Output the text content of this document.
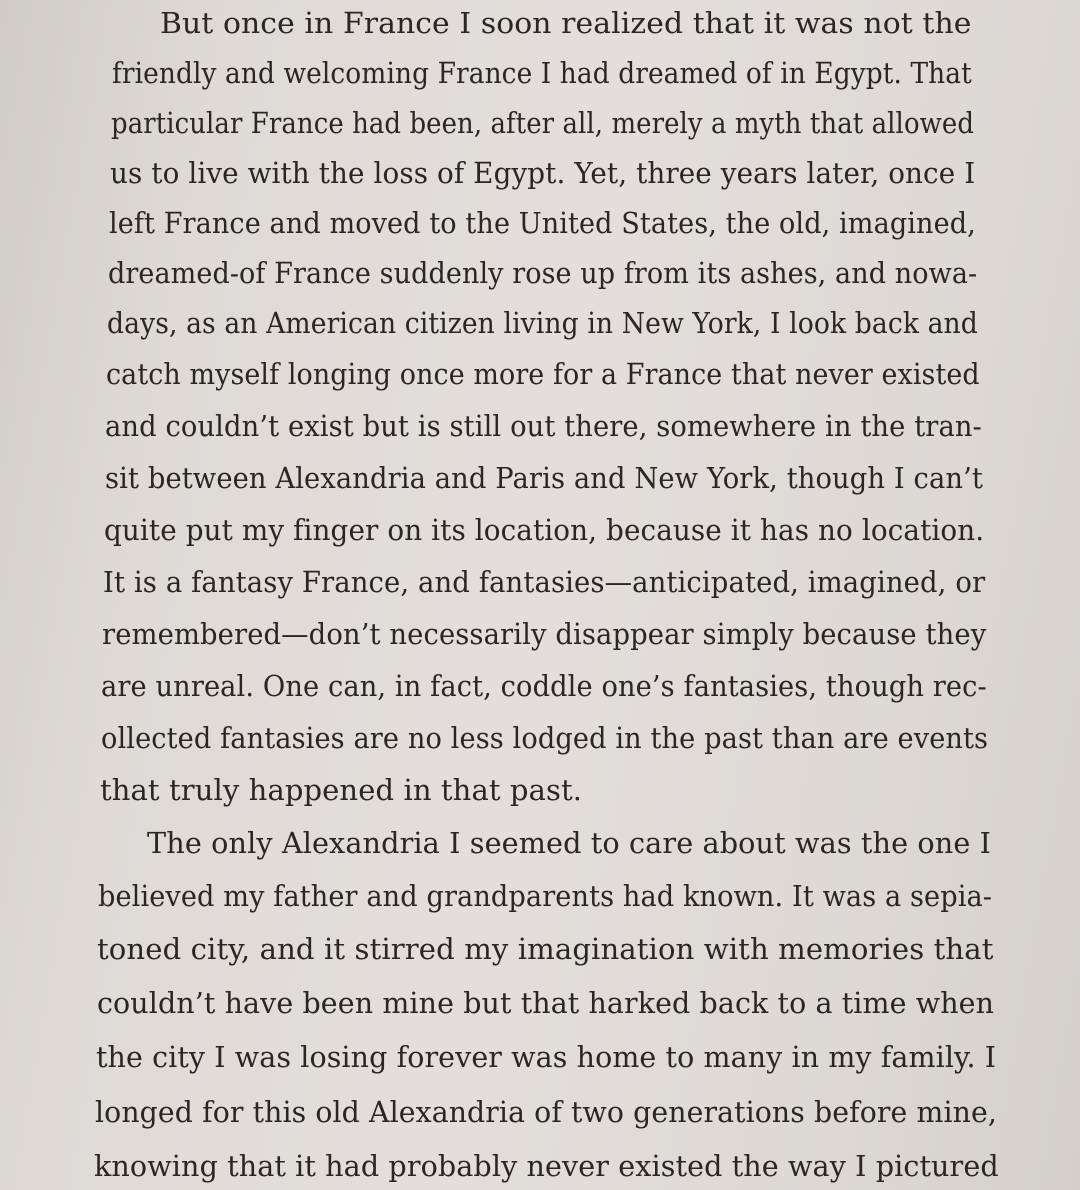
But once in France I soon realized that it was not the
friendly and welcoming France I had dreamed of in Egypt. That
particular France had been, after all, merely a myth that allowed
us to live with the loss of Egypt. Yet, three years later, once I
left France and moved to the United States, the old, imagined,
dreamed-of France suddenly rose up from its ashes, and nowa-
days, as an American citizen living in New York, I look back and
catch myself longing once more for a France that never existed
and couldn’t exist but is still out there, somewhere in the tran-
sit between Alexandria and Paris and New York, though I can’t
quite put my finger on its location, because it has no location.
It is a fantasy France, and fantasies—anticipated, imagined, or
remembered—don’t necessarily disappear simply because they
are unreal. One can, in fact, coddle one’s fantasies, though rec-
ollected fantasies are no less lodged in the past than are events
that truly happened in that past.
The only Alexandria I seemed to care about was the one I
believed my father and grandparents had known. It was a sepia-
toned city, and it stirred my imagination with memories that
couldn’t have been mine but that harked back to a time when
the city I was losing forever was home to many in my family. I
longed for this old Alexandria of two generations before mine,
knowing that it had probably never existed the way I pictured
